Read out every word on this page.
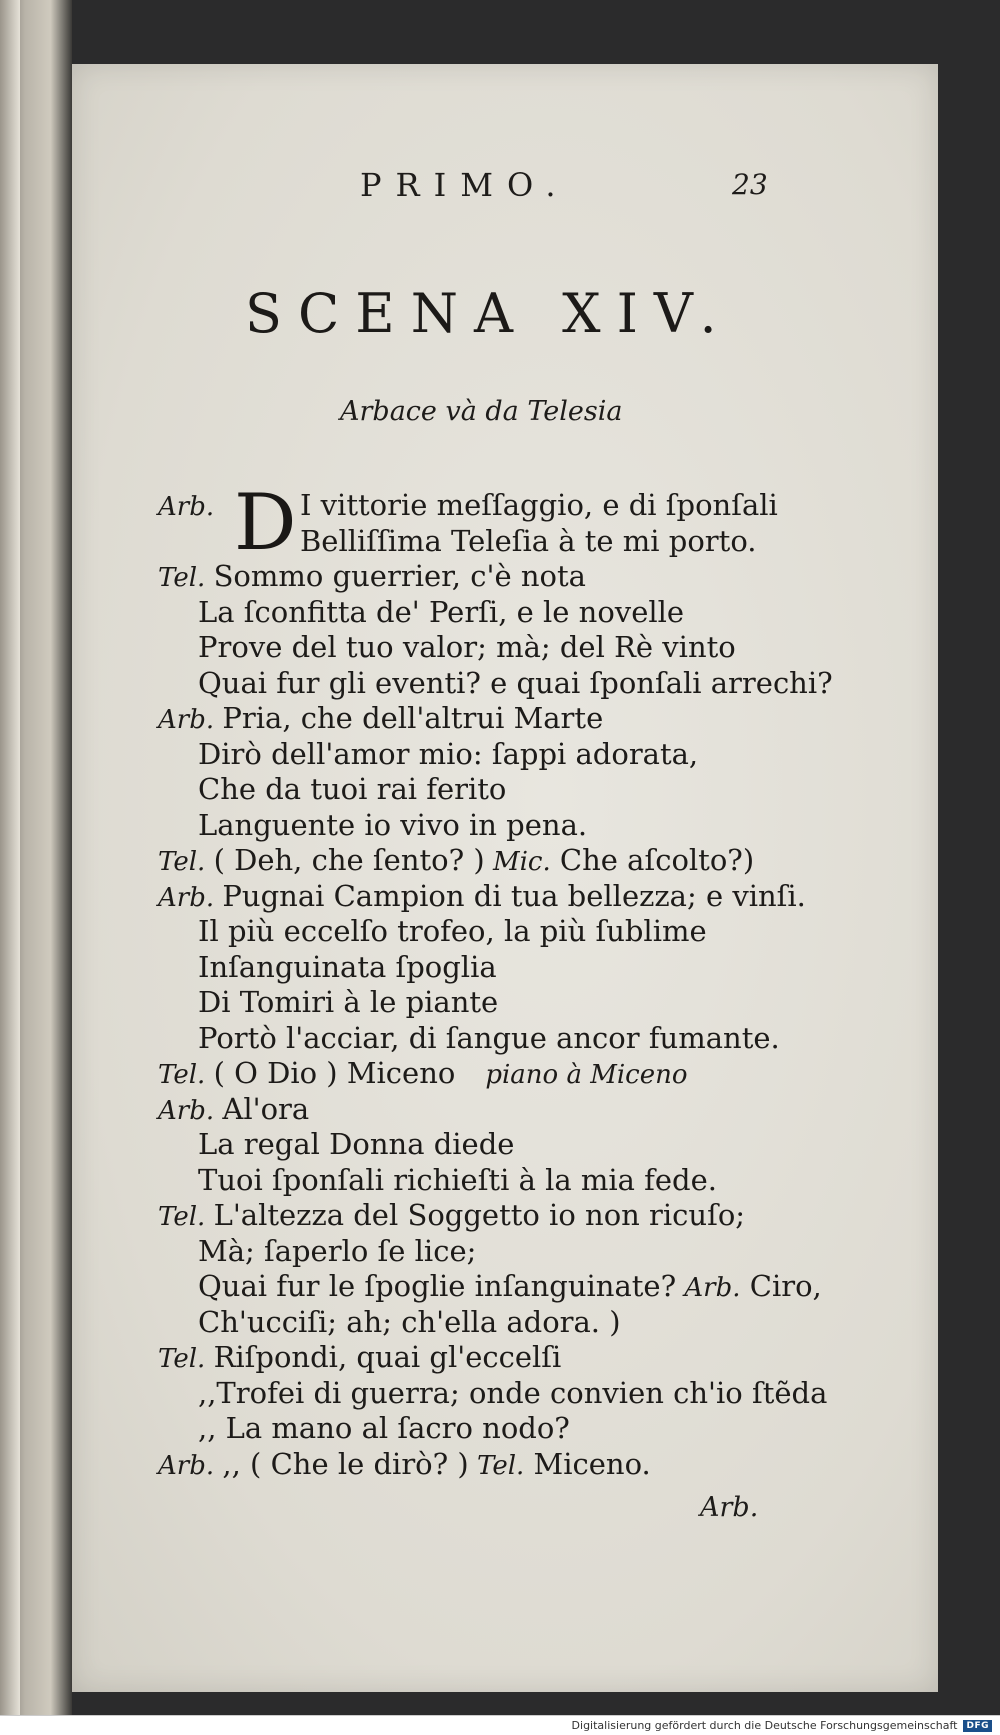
PRIMO.	23
SCENA XIV.
Arbace và da Telesia
D
Arb.	I vittorie meſſaggio, e di ſponſali
Belliſſima Teleſia à te mi porto.
Tel. Sommo guerrier, c'è nota
La ſconfitta de' Perſi, e le novelle
Prove del tuo valor; mà; del Rè vinto
Quai fur gli eventi? e quai ſponſali arrechi?
Arb. Pria, che dell'altrui Marte
Dirò dell'amor mio: ſappi adorata,
Che da tuoi rai ferito
Languente io vivo in pena.
Tel. ( Deh, che ſento? ) Mic. Che aſcolto?)
Arb. Pugnai Campion di tua bellezza; e vinſi.
Il più eccelſo trofeo, la più ſublime
Inſanguinata ſpoglia
Di Tomiri à le piante
Portò l'acciar, di ſangue ancor fumante.
Tel. ( O Dio ) Miceno piano à Miceno
Arb. Al'ora
La regal Donna diede
Tuoi ſponſali richieſti à la mia fede.
Tel. L'altezza del Soggetto io non ricuſo;
Mà; ſaperlo ſe lice;
Quai fur le ſpoglie inſanguinate? Arb. Ciro,
Ch'ucciſi; ah; ch'ella adora. )
Tel. Riſpondi, quai gl'eccelſi
,,Trofei di guerra; onde convien ch'io ſtẽda
,, La mano al ſacro nodo?
Arb. ,, ( Che le dirò? ) Tel. Miceno.
Arb.
Digitalisierung gefördert durch die Deutsche Forschungsgemeinschaft	DFG
